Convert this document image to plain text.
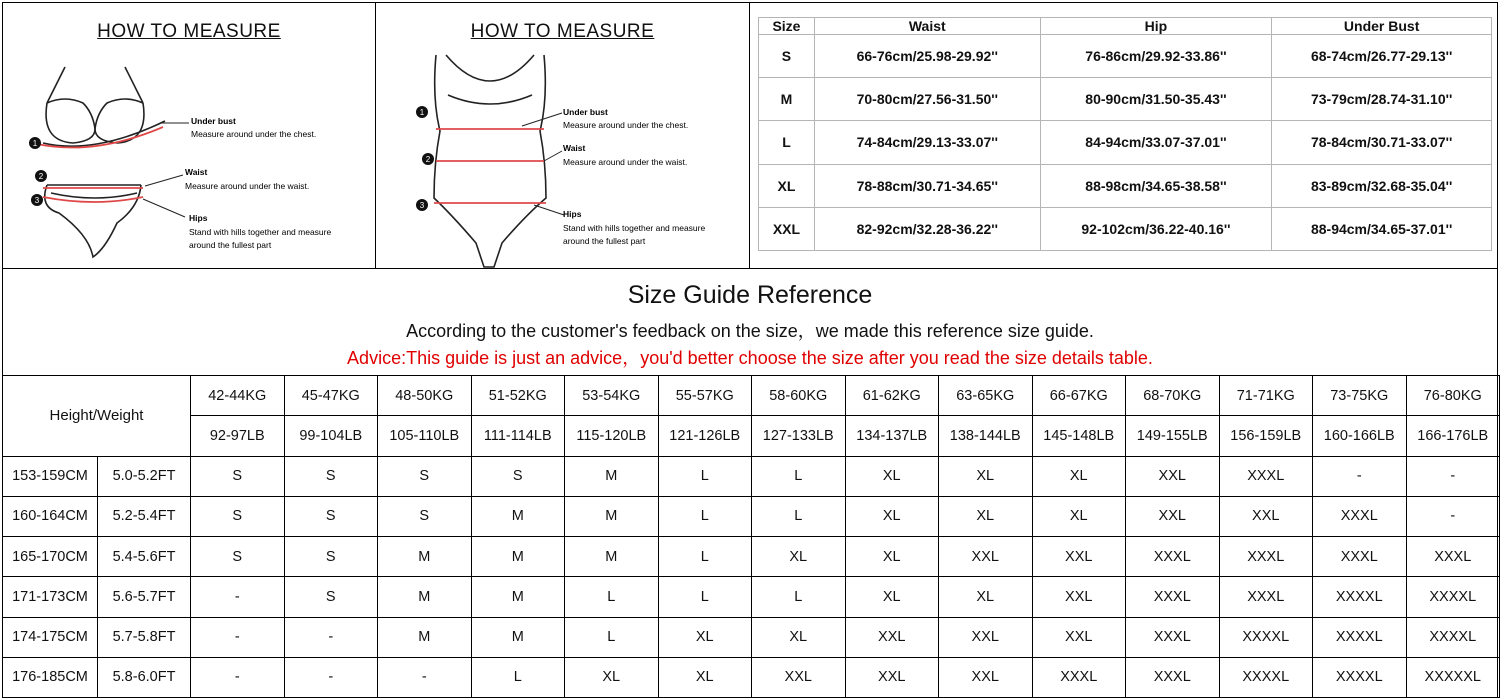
HOW TO MEASURE
1
2
3
Under bust
Measure around under the chest.
Waist
Measure around under the waist.
Hips
Stand with hills together and measure
around the fullest part
HOW TO MEASURE
1
2
3
Under bust
Measure around under the chest.
Waist
Measure around under the waist.
Hips
Stand with hills together and measure
around the fullest part
Size	Waist	Hip	Under Bust
S	66-76cm/25.98-29.92''	76-86cm/29.92-33.86''	68-74cm/26.77-29.13''
M	70-80cm/27.56-31.50''	80-90cm/31.50-35.43''	73-79cm/28.74-31.10''
L	74-84cm/29.13-33.07''	84-94cm/33.07-37.01''	78-84cm/30.71-33.07''
XL	78-88cm/30.71-34.65''	88-98cm/34.65-38.58''	83-89cm/32.68-35.04''
XXL	82-92cm/32.28-36.22''	92-102cm/36.22-40.16''	88-94cm/34.65-37.01''
Size Guide Reference
According to the customer's feedback on the size，we made this reference size guide.
Advice:This guide is just an advice，you'd better choose the size after you read the size details table.
Height/Weight		42-44KG	45-47KG	48-50KG	51-52KG	53-54KG	55-57KG	58-60KG	61-62KG	63-65KG	66-67KG	68-70KG	71-71KG	73-75KG	76-80KG
		92-97LB	99-104LB	105-110LB	111-114LB	115-120LB	121-126LB	127-133LB	134-137LB	138-144LB	145-148LB	149-155LB	156-159LB	160-166LB	166-176LB
153-159CM	5.0-5.2FT	S	S	S	S	M	L	L	XL	XL	XL	XXL	XXXL	-	-
160-164CM	5.2-5.4FT	S	S	S	M	M	L	L	XL	XL	XL	XXL	XXL	XXXL	-
165-170CM	5.4-5.6FT	S	S	M	M	M	L	XL	XL	XXL	XXL	XXXL	XXXL	XXXL	XXXL
171-173CM	5.6-5.7FT	-	S	M	M	L	L	L	XL	XL	XXL	XXXL	XXXL	XXXXL	XXXXL
174-175CM	5.7-5.8FT	-	-	M	M	L	XL	XL	XXL	XXL	XXL	XXXL	XXXXL	XXXXL	XXXXL
176-185CM	5.8-6.0FT	-	-	-	L	XL	XL	XXL	XXL	XXL	XXXL	XXXL	XXXXL	XXXXL	XXXXXL
